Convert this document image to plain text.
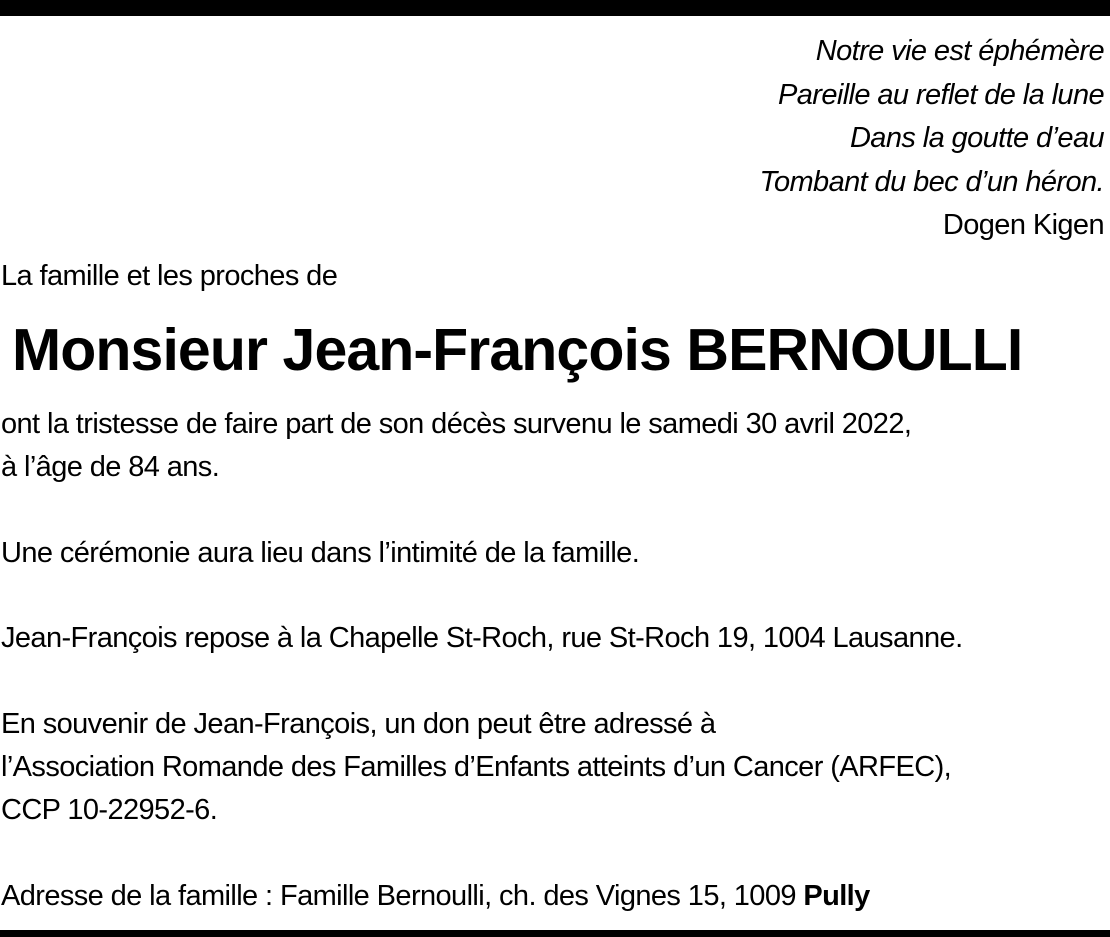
Notre vie est éphémère
Pareille au reflet de la lune
Dans la goutte d’eau
Tombant du bec d’un héron.
Dogen Kigen
La famille et les proches de
Monsieur Jean-François BERNOULLI
ont la tristesse de faire part de son décès survenu le samedi 30 avril 2022,
à l’âge de 84 ans.
Une cérémonie aura lieu dans l’intimité de la famille.
Jean-François repose à la Chapelle St-Roch, rue St-Roch 19, 1004 Lausanne.
En souvenir de Jean-François, un don peut être adressé à
l’Association Romande des Familles d’Enfants atteints d’un Cancer (ARFEC),
CCP 10-22952-6.
Adresse de la famille : Famille Bernoulli, ch. des Vignes 15, 1009 Pully
